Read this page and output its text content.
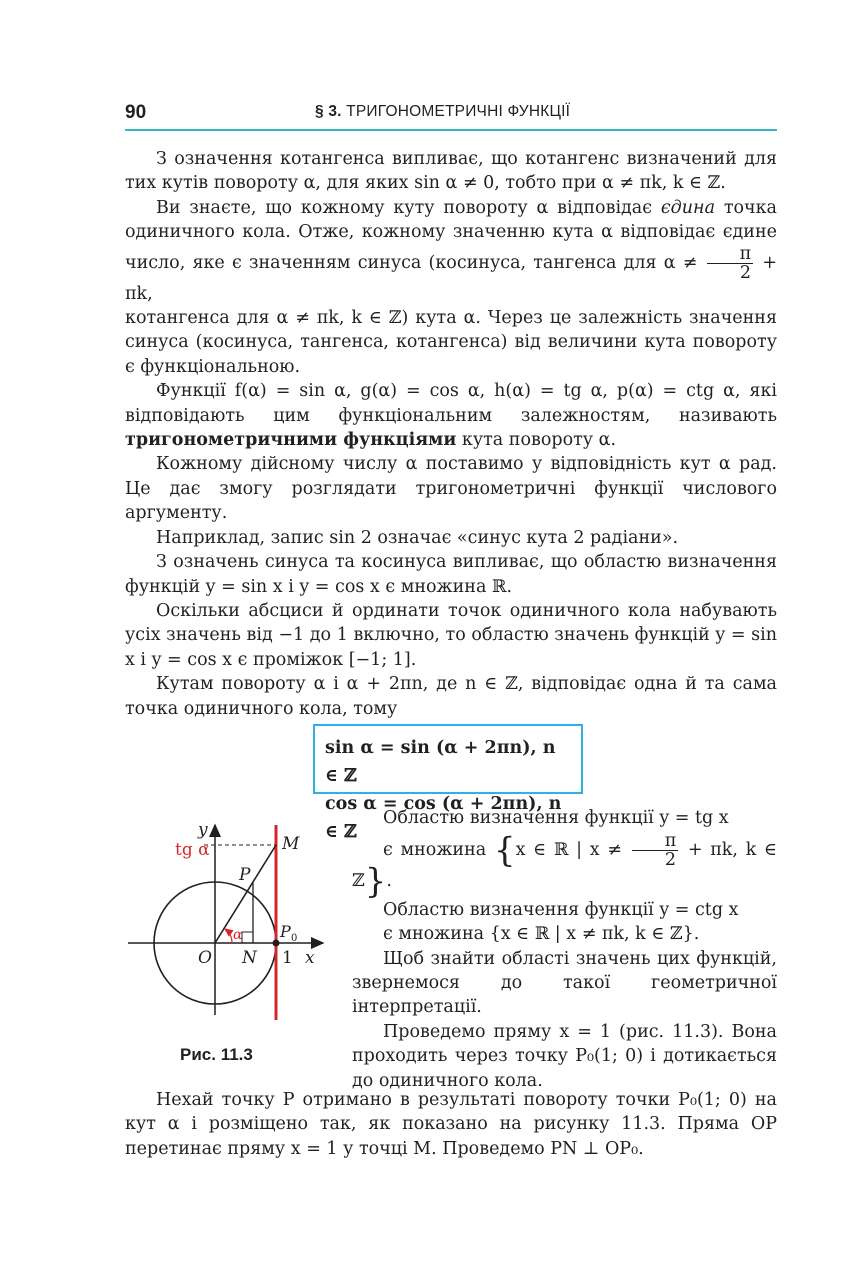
90	§ 3. ТРИГОНОМЕТРИЧНІ ФУНКЦІЇ

З означення котангенса випливає, що котангенс визначений для тих кутів повороту α, для яких sin α ≠ 0, тобто при α ≠ πk, k ∈ ℤ.

Ви знаєте, що кожному куту повороту α відповідає єдина точка одиничного кола. Отже, кожному значенню кута α відповідає єдине число, яке є значенням синуса (косинуса, тангенса для $\alpha \ne \frac{\pi}{2} + \pi k$,

котангенса для α ≠ πk, k ∈ ℤ) кута α. Через це залежність значення синуса (косинуса, тангенса, котангенса) від величини кута повороту є функціональною.

Функції f(α) = sin α, g(α) = cos α, h(α) = tg α, p(α) = ctg α, які відповідають цим функціональним залежностям, називають тригонометричними функціями кута повороту α.

Кожному дійсному числу α поставимо у відповідність кут α рад. Це дає змогу розглядати тригонометричні функції числового аргументу.

Наприклад, запис sin 2 означає «синус кута 2 радіани».

З означень синуса та косинуса випливає, що областю визначення функцій y = sin x і y = cos x є множина ℝ.

Оскільки абсциси й ординати точок одиничного кола набувають усіх значень від −1 до 1 включно, то областю значень функцій y = sin x і y = cos x є проміжок [−1; 1].

Кутам повороту α і α + 2πn, де n ∈ ℤ, відповідає одна й та сама точка одиничного кола, тому

sin α = sin (α + 2πn), n ∈ ℤ
cos α = cos (α + 2πn), n ∈ ℤ
y
x
tg α	M
P
P 0
O N 1
α
Рис. 11.3

Областю визначення функції y = tg x

є множина {x ∈ ℝ | $x \ne \frac{\pi}{2} + \pi k$, k ∈ ℤ}.

Областю визначення функції y = ctg x

є множина {x ∈ ℝ | x ≠ πk, k ∈ ℤ}.

Щоб знайти області значень цих функцій, звернемося до такої геометричної інтерпретації.

Проведемо пряму x = 1 (рис. 11.3). Вона проходить через точку P₀(1; 0) і дотикається до одиничного кола.

Нехай точку P отримано в результаті повороту точки P₀(1; 0) на кут α і розміщено так, як показано на рисунку 11.3. Пряма OP перетинає пряму x = 1 у точці M. Проведемо PN ⊥ OP₀.
